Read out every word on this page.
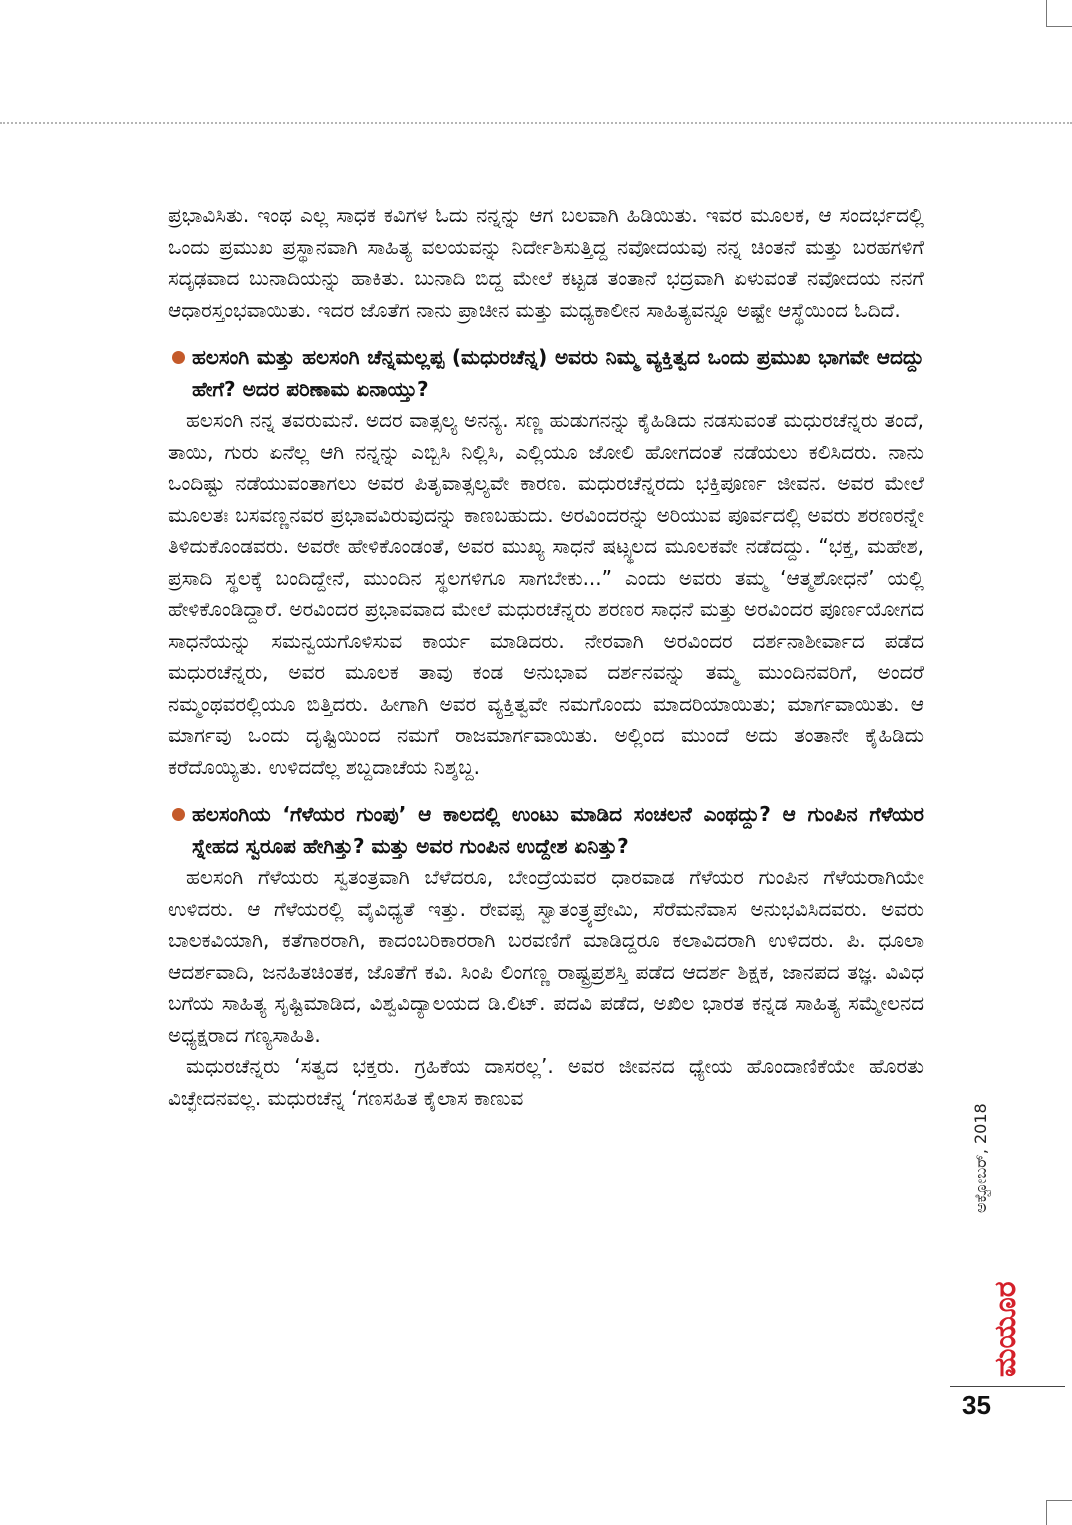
ಪ್ರಭಾವಿಸಿತು. ಇಂಥ ಎಲ್ಲ ಸಾಧಕ ಕವಿಗಳ ಓದು ನನ್ನನ್ನು ಆಗ ಬಲವಾಗಿ ಹಿಡಿಯಿತು. ಇವರ ಮೂಲಕ, ಆ ಸಂದರ್ಭದಲ್ಲಿ ಒಂದು ಪ್ರಮುಖ ಪ್ರಸ್ಥಾನವಾಗಿ ಸಾಹಿತ್ಯ ವಲಯವನ್ನು ನಿರ್ದೇಶಿಸುತ್ತಿದ್ದ ನವೋದಯವು ನನ್ನ ಚಿಂತನೆ ಮತ್ತು ಬರಹಗಳಿಗೆ ಸದೃಢವಾದ ಬುನಾದಿಯನ್ನು ಹಾಕಿತು. ಬುನಾದಿ ಬಿದ್ದ ಮೇಲೆ ಕಟ್ಟಡ ತಂತಾನೆ ಭದ್ರವಾಗಿ ಏಳುವಂತೆ ನವೋದಯ ನನಗೆ ಆಧಾರಸ್ತಂಭವಾಯಿತು. ಇದರ ಜೊತೆಗ ನಾನು ಪ್ರಾಚೀನ ಮತ್ತು ಮಧ್ಯಕಾಲೀನ ಸಾಹಿತ್ಯವನ್ನೂ ಅಷ್ಟೇ ಆಸ್ಥೆಯಿಂದ ಓದಿದೆ.

ಹಲಸಂಗಿ ಮತ್ತು ಹಲಸಂಗಿ ಚೆನ್ನಮಲ್ಲಪ್ಪ (ಮಧುರಚೆನ್ನ) ಅವರು ನಿಮ್ಮ ವ್ಯಕ್ತಿತ್ವದ ಒಂದು ಪ್ರಮುಖ ಭಾಗವೇ ಆದದ್ದು ಹೇಗೆ? ಅದರ ಪರಿಣಾಮ ಏನಾಯ್ತು?

ಹಲಸಂಗಿ ನನ್ನ ತವರುಮನೆ. ಅದರ ವಾತ್ಸಲ್ಯ ಅನನ್ಯ. ಸಣ್ಣ ಹುಡುಗನನ್ನು ಕೈಹಿಡಿದು ನಡಸುವಂತೆ ಮಧುರಚೆನ್ನರು ತಂದೆ, ತಾಯಿ, ಗುರು ಏನೆಲ್ಲ ಆಗಿ ನನ್ನನ್ನು ಎಬ್ಬಿಸಿ ನಿಲ್ಲಿಸಿ, ಎಲ್ಲಿಯೂ ಜೋಲಿ ಹೋಗದಂತೆ ನಡೆಯಲು ಕಲಿಸಿದರು. ನಾನು ಒಂದಿಷ್ಟು ನಡೆಯುವಂತಾಗಲು ಅವರ ಪಿತೃವಾತ್ಸಲ್ಯವೇ ಕಾರಣ. ಮಧುರಚೆನ್ನರದು ಭಕ್ತಿಪೂರ್ಣ ಜೀವನ. ಅವರ ಮೇಲೆ ಮೂಲತಃ ಬಸವಣ್ಣನವರ ಪ್ರಭಾವವಿರುವುದನ್ನು ಕಾಣಬಹುದು. ಅರವಿಂದರನ್ನು ಅರಿಯುವ ಪೂರ್ವದಲ್ಲಿ ಅವರು ಶರಣರನ್ನೇ ತಿಳಿದುಕೊಂಡವರು. ಅವರೇ ಹೇಳಿಕೊಂಡಂತೆ, ಅವರ ಮುಖ್ಯ ಸಾಧನೆ ಷಟ್ಸ್ಥಲದ ಮೂಲಕವೇ ನಡೆದದ್ದು. “ಭಕ್ತ, ಮಹೇಶ, ಪ್ರಸಾದಿ ಸ್ಥಲಕ್ಕೆ ಬಂದಿದ್ದೇನೆ, ಮುಂದಿನ ಸ್ಥಲಗಳಿಗೂ ಸಾಗಬೇಕು...” ಎಂದು ಅವರು ತಮ್ಮ ‘ಆತ್ಮಶೋಧನೆ’ ಯಲ್ಲಿ ಹೇಳಿಕೊಂಡಿದ್ದಾರೆ. ಅರವಿಂದರ ಪ್ರಭಾವವಾದ ಮೇಲೆ ಮಧುರಚೆನ್ನರು ಶರಣರ ಸಾಧನೆ ಮತ್ತು ಅರವಿಂದರ ಪೂರ್ಣಯೋಗದ ಸಾಧನೆಯನ್ನು ಸಮನ್ವಯಗೊಳಿಸುವ ಕಾರ್ಯ ಮಾಡಿದರು. ನೇರವಾಗಿ ಅರವಿಂದರ ದರ್ಶನಾಶೀರ್ವಾದ ಪಡೆದ ಮಧುರಚೆನ್ನರು, ಅವರ ಮೂಲಕ ತಾವು ಕಂಡ ಅನುಭಾವ ದರ್ಶನವನ್ನು ತಮ್ಮ ಮುಂದಿನವರಿಗೆ, ಅಂದರೆ ನಮ್ಮಂಥವರಲ್ಲಿಯೂ ಬಿತ್ತಿದರು. ಹೀಗಾಗಿ ಅವರ ವ್ಯಕ್ತಿತ್ವವೇ ನಮಗೊಂದು ಮಾದರಿಯಾಯಿತು; ಮಾರ್ಗವಾಯಿತು. ಆ ಮಾರ್ಗವು ಒಂದು ದೃಷ್ಟಿಯಿಂದ ನಮಗೆ ರಾಜಮಾರ್ಗವಾಯಿತು. ಅಲ್ಲಿಂದ ಮುಂದೆ ಅದು ತಂತಾನೇ ಕೈಹಿಡಿದು ಕರೆದೊಯ್ಯಿತು. ಉಳಿದದೆಲ್ಲ ಶಬ್ದದಾಚೆಯ ನಿಶ್ಶಬ್ದ.

ಹಲಸಂಗಿಯ ‘ಗೆಳೆಯರ ಗುಂಪು’ ಆ ಕಾಲದಲ್ಲಿ ಉಂಟು ಮಾಡಿದ ಸಂಚಲನೆ ಎಂಥದ್ದು? ಆ ಗುಂಪಿನ ಗೆಳೆಯರ ಸ್ನೇಹದ ಸ್ವರೂಪ ಹೇಗಿತ್ತು? ಮತ್ತು ಅವರ ಗುಂಪಿನ ಉದ್ದೇಶ ಏನಿತ್ತು?

ಹಲಸಂಗಿ ಗೆಳೆಯರು ಸ್ವತಂತ್ರವಾಗಿ ಬೆಳೆದರೂ, ಬೇಂದ್ರೆಯವರ ಧಾರವಾಡ ಗೆಳೆಯರ ಗುಂಪಿನ ಗೆಳೆಯರಾಗಿಯೇ ಉಳಿದರು. ಆ ಗೆಳೆಯರಲ್ಲಿ ವೈವಿಧ್ಯತೆ ಇತ್ತು. ರೇವಪ್ಪ ಸ್ವಾತಂತ್ರ್ಯಪ್ರೇಮಿ, ಸೆರೆಮನೆವಾಸ ಅನುಭವಿಸಿದವರು. ಅವರು ಬಾಲಕವಿಯಾಗಿ, ಕತೆಗಾರರಾಗಿ, ಕಾದಂಬರಿಕಾರರಾಗಿ ಬರವಣಿಗೆ ಮಾಡಿದ್ದರೂ ಕಲಾವಿದರಾಗಿ ಉಳಿದರು. ಪಿ. ಧೂಲಾ ಆದರ್ಶವಾದಿ, ಜನಹಿತಚಿಂತಕ, ಜೊತೆಗೆ ಕವಿ. ಸಿಂಪಿ ಲಿಂಗಣ್ಣ ರಾಷ್ಟ್ರಪ್ರಶಸ್ತಿ ಪಡೆದ ಆದರ್ಶ ಶಿಕ್ಷಕ, ಜಾನಪದ ತಜ್ಞ. ವಿವಿಧ ಬಗೆಯ ಸಾಹಿತ್ಯ ಸೃಷ್ಟಿಮಾಡಿದ, ವಿಶ್ವವಿದ್ಯಾಲಯದ ಡಿ.ಲಿಟ್. ಪದವಿ ಪಡೆದ, ಅಖಿಲ ಭಾರತ ಕನ್ನಡ ಸಾಹಿತ್ಯ ಸಮ್ಮೇಲನದ ಅಧ್ಯಕ್ಷರಾದ ಗಣ್ಯಸಾಹಿತಿ.

ಮಧುರಚೆನ್ನರು ‘ಸತ್ವದ ಭಕ್ತರು. ಗ್ರಹಿಕೆಯ ದಾಸರಲ್ಲ’. ಅವರ ಜೀವನದ ಧ್ಯೇಯ ಹೊಂದಾಣಿಕೆಯೇ ಹೊರತು ವಿಚ್ಛೇದನವಲ್ಲ. ಮಧುರಚೆನ್ನ ‘ಗಣಸಹಿತ ಕೈಲಾಸ ಕಾಣುವ

ಅಕ್ಟೋಬರ್, 2018
ಮಯೂರ
35
